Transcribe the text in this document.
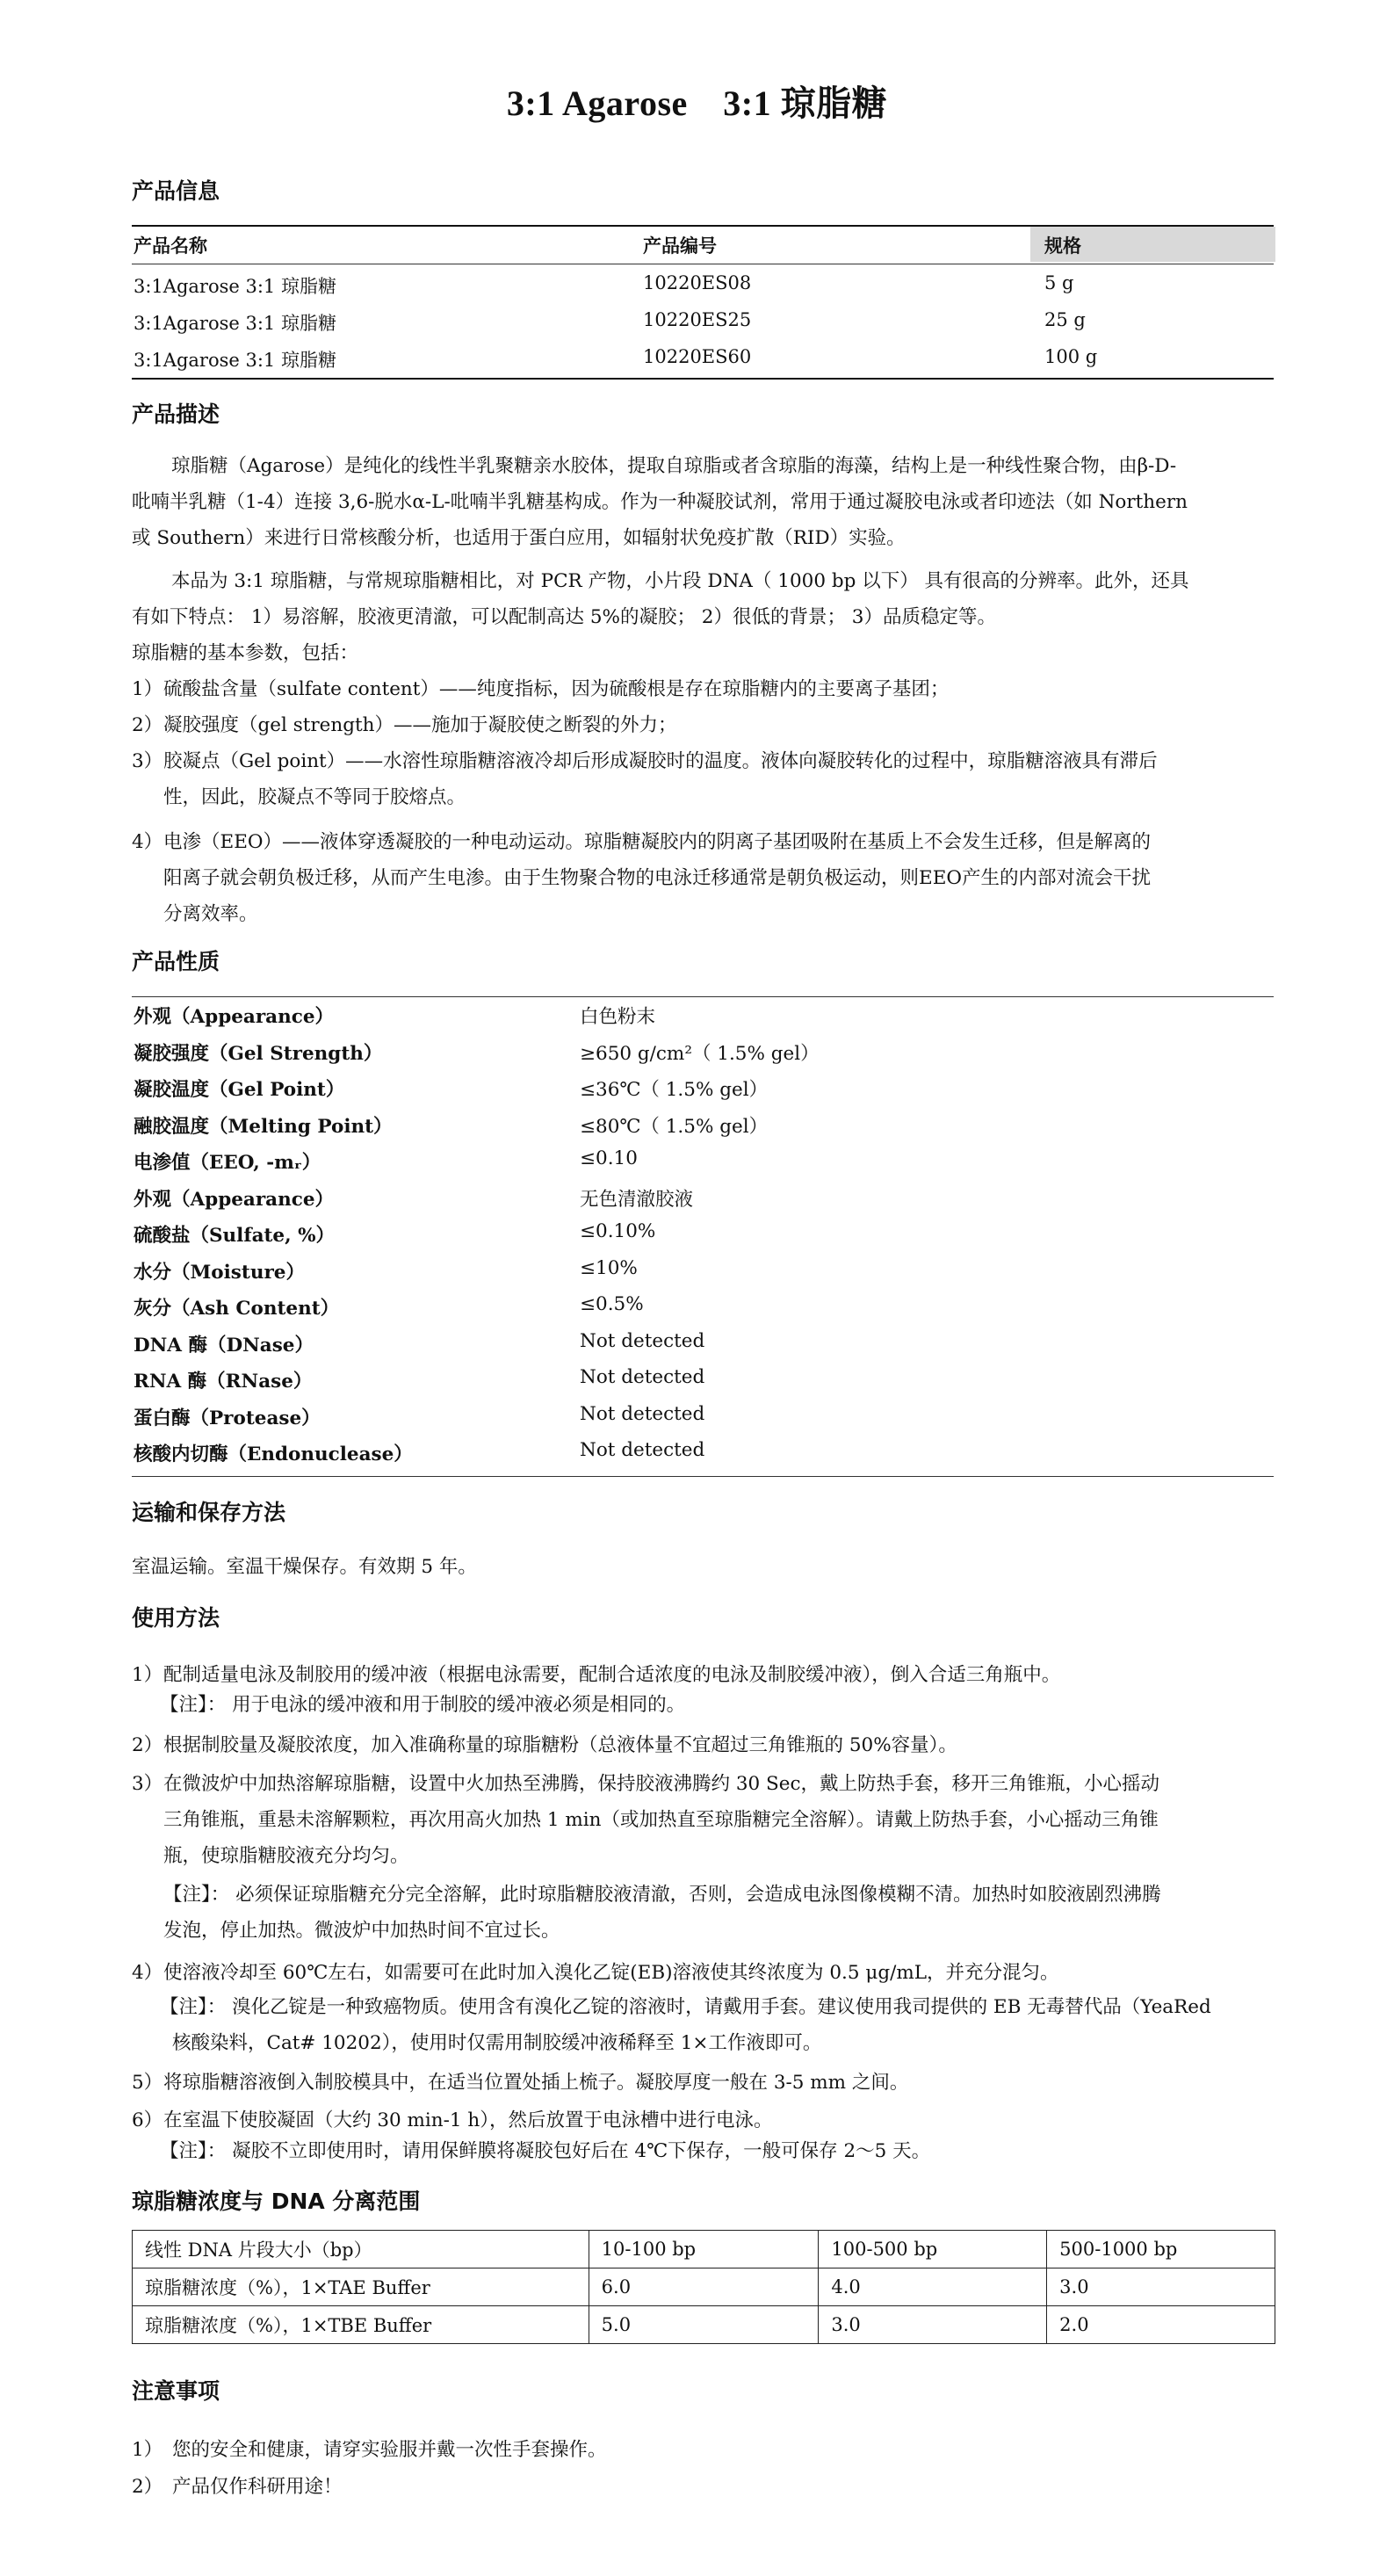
3:1 Agarose　3:1 琼脂糖
产品信息
产品名称	产品编号	规格
3:1Agarose 3:1 琼脂糖	10220ES08	5 g
3:1Agarose 3:1 琼脂糖	10220ES25	25 g
3:1Agarose 3:1 琼脂糖	10220ES60	100 g
产品描述
琼脂糖（Agarose）是纯化的线性半乳聚糖亲水胶体，提取自琼脂或者含琼脂的海藻，结构上是一种线性聚合物，由β-D-
吡喃半乳糖（1-4）连接 3,6-脱水α-L-吡喃半乳糖基构成。作为一种凝胶试剂，常用于通过凝胶电泳或者印迹法（如 Northern
或 Southern）来进行日常核酸分析，也适用于蛋白应用，如辐射状免疫扩散（RID）实验。
本品为 3:1 琼脂糖，与常规琼脂糖相比，对 PCR 产物，小片段 DNA（ 1000 bp 以下） 具有很高的分辨率。此外，还具
有如下特点： 1）易溶解，胶液更清澈，可以配制高达 5%的凝胶； 2）很低的背景； 3）品质稳定等。
琼脂糖的基本参数，包括：
1） 硫酸盐含量（sulfate content）——纯度指标，因为硫酸根是存在琼脂糖内的主要离子基团；
2） 凝胶强度（gel strength）——施加于凝胶使之断裂的外力；
3） 胶凝点（Gel point）——水溶性琼脂糖溶液冷却后形成凝胶时的温度。液体向凝胶转化的过程中，琼脂糖溶液具有滞后
性，因此，胶凝点不等同于胶熔点。
4） 电渗（EEO）——液体穿透凝胶的一种电动运动。琼脂糖凝胶内的阴离子基团吸附在基质上不会发生迁移，但是解离的
阳离子就会朝负极迁移，从而产生电渗。由于生物聚合物的电泳迁移通常是朝负极运动，则EEO产生的内部对流会干扰
分离效率。
产品性质
外观（Appearance）	白色粉末
凝胶强度（Gel Strength）	≥650 g/cm²（ 1.5% gel）
凝胶温度（Gel Point）	≤36℃（ 1.5% gel）
融胶温度（Melting Point）	≤80℃（ 1.5% gel）
电渗值（EEO, -mᵣ）	≤0.10
外观（Appearance）	无色清澈胶液
硫酸盐（Sulfate, %）	≤0.10%
水分（Moisture）	≤10%
灰分（Ash Content）	≤0.5%
DNA 酶（DNase）	Not detected
RNA 酶（RNase）	Not detected
蛋白酶（Protease）	Not detected
核酸内切酶（Endonuclease）	Not detected
运输和保存方法
室温运输。室温干燥保存。有效期 5 年。
使用方法
1） 配制适量电泳及制胶用的缓冲液（根据电泳需要，配制合适浓度的电泳及制胶缓冲液），倒入合适三角瓶中。
【注】： 用于电泳的缓冲液和用于制胶的缓冲液必须是相同的。
2） 根据制胶量及凝胶浓度，加入准确称量的琼脂糖粉（总液体量不宜超过三角锥瓶的 50%容量）。
3） 在微波炉中加热溶解琼脂糖，设置中火加热至沸腾，保持胶液沸腾约 30 Sec，戴上防热手套，移开三角锥瓶，小心摇动
三角锥瓶，重悬未溶解颗粒，再次用高火加热 1 min（或加热直至琼脂糖完全溶解）。请戴上防热手套，小心摇动三角锥
瓶，使琼脂糖胶液充分均匀。
【注】： 必须保证琼脂糖充分完全溶解，此时琼脂糖胶液清澈，否则，会造成电泳图像模糊不清。加热时如胶液剧烈沸腾
发泡，停止加热。微波炉中加热时间不宜过长。
4） 使溶液冷却至 60℃左右，如需要可在此时加入溴化乙锭(EB)溶液使其终浓度为 0.5 μg/mL，并充分混匀。
【注】： 溴化乙锭是一种致癌物质。使用含有溴化乙锭的溶液时，请戴用手套。建议使用我司提供的 EB 无毒替代品（YeaRed
核酸染料，Cat# 10202），使用时仅需用制胶缓冲液稀释至 1×工作液即可。
5） 将琼脂糖溶液倒入制胶模具中，在适当位置处插上梳子。凝胶厚度一般在 3-5 mm 之间。
6） 在室温下使胶凝固（大约 30 min-1 h），然后放置于电泳槽中进行电泳。
【注】： 凝胶不立即使用时，请用保鲜膜将凝胶包好后在 4℃下保存，一般可保存 2～5 天。
琼脂糖浓度与 DNA 分离范围
线性 DNA 片段大小（bp）	10-100 bp	100-500 bp	500-1000 bp
琼脂糖浓度（%），1×TAE Buffer	6.0	4.0	3.0
琼脂糖浓度（%），1×TBE Buffer	5.0	3.0	2.0
注意事项
1） 您的安全和健康，请穿实验服并戴一次性手套操作。
2） 产品仅作科研用途！
